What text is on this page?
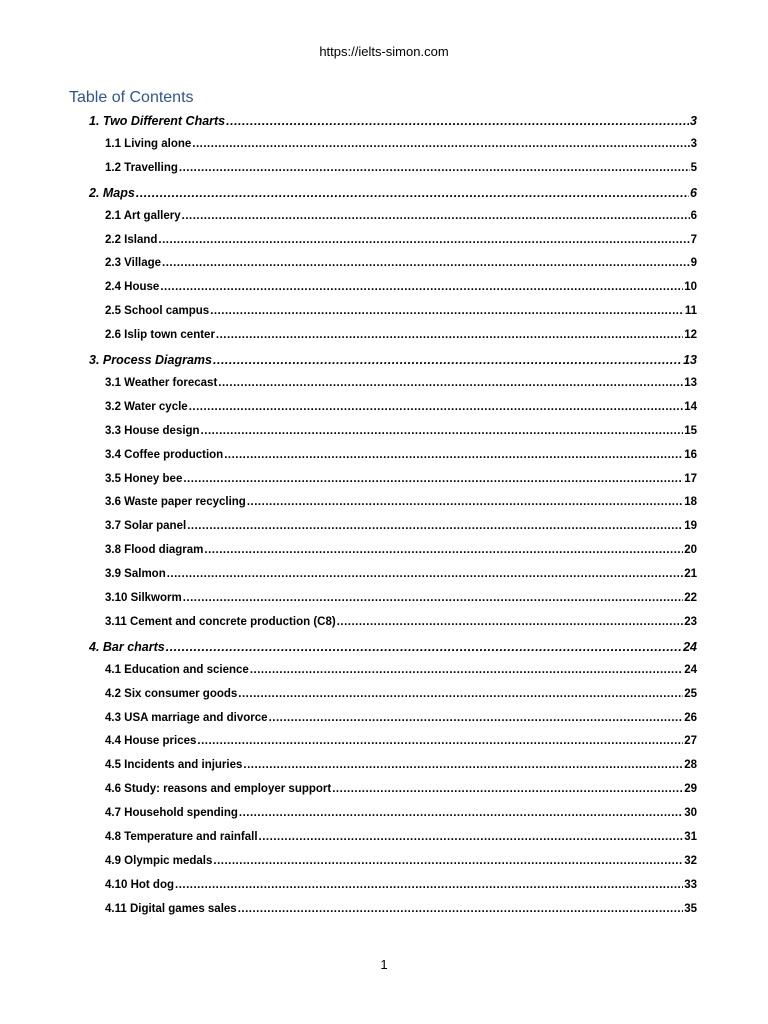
https://ielts-simon.com
Table of Contents
1. Two Different Charts .....	3
1.1 Living alone .....	3
1.2 Travelling .....	5
2. Maps .....	6
2.1 Art gallery .....	6
2.2 Island .....	7
2.3 Village .....	9
2.4 House .....	10
2.5 School campus .....	11
2.6 Islip town center .....	12
3. Process Diagrams .....	13
3.1 Weather forecast .....	13
3.2 Water cycle .....	14
3.3 House design .....	15
3.4 Coffee production .....	16
3.5 Honey bee .....	17
3.6 Waste paper recycling .....	18
3.7 Solar panel .....	19
3.8 Flood diagram .....	20
3.9 Salmon .....	21
3.10 Silkworm .....	22
3.11 Cement and concrete production (C8) .....	23
4. Bar charts .....	24
4.1 Education and science .....	24
4.2 Six consumer goods .....	25
4.3 USA marriage and divorce .....	26
4.4 House prices .....	27
4.5 Incidents and injuries .....	28
4.6 Study: reasons and employer support .....	29
4.7 Household spending .....	30
4.8 Temperature and rainfall .....	31
4.9 Olympic medals .....	32
4.10 Hot dog .....	33
4.11 Digital games sales .....	35
1
